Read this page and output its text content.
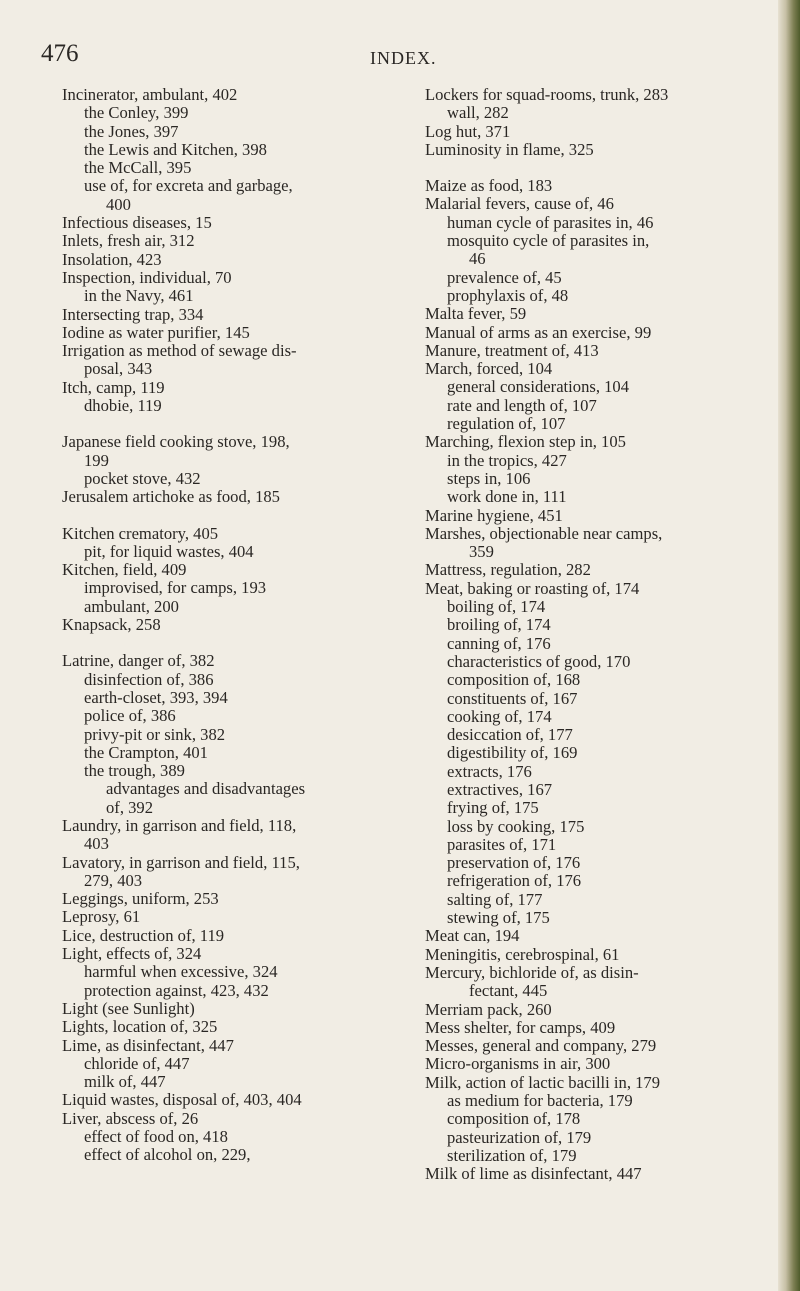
476	INDEX.
Incinerator, ambulant, 402
the Conley, 399
the Jones, 397
the Lewis and Kitchen, 398
the McCall, 395
use of, for excreta and garbage,
400
Infectious diseases, 15
Inlets, fresh air, 312
Insolation, 423
Inspection, individual, 70
in the Navy, 461
Intersecting trap, 334
Iodine as water purifier, 145
Irrigation as method of sewage dis-
posal, 343
Itch, camp, 119
dhobie, 119
Japanese field cooking stove, 198,
199
pocket stove, 432
Jerusalem artichoke as food, 185
Kitchen crematory, 405
pit, for liquid wastes, 404
Kitchen, field, 409
improvised, for camps, 193
ambulant, 200
Knapsack, 258
Latrine, danger of, 382
disinfection of, 386
earth-closet, 393, 394
police of, 386
privy-pit or sink, 382
the Crampton, 401
the trough, 389
advantages and disadvantages
of, 392
Laundry, in garrison and field, 118,
403
Lavatory, in garrison and field, 115,
279, 403
Leggings, uniform, 253
Leprosy, 61
Lice, destruction of, 119
Light, effects of, 324
harmful when excessive, 324
protection against, 423, 432
Light (see Sunlight)
Lights, location of, 325
Lime, as disinfectant, 447
chloride of, 447
milk of, 447
Liquid wastes, disposal of, 403, 404
Liver, abscess of, 26
effect of food on, 418
effect of alcohol on, 229,
Lockers for squad-rooms, trunk, 283
wall, 282
Log hut, 371
Luminosity in flame, 325
Maize as food, 183
Malarial fevers, cause of, 46
human cycle of parasites in, 46
mosquito cycle of parasites in,
46
prevalence of, 45
prophylaxis of, 48
Malta fever, 59
Manual of arms as an exercise, 99
Manure, treatment of, 413
March, forced, 104
general considerations, 104
rate and length of, 107
regulation of, 107
Marching, flexion step in, 105
in the tropics, 427
steps in, 106
work done in, 111
Marine hygiene, 451
Marshes, objectionable near camps,
359
Mattress, regulation, 282
Meat, baking or roasting of, 174
boiling of, 174
broiling of, 174
canning of, 176
characteristics of good, 170
composition of, 168
constituents of, 167
cooking of, 174
desiccation of, 177
digestibility of, 169
extracts, 176
extractives, 167
frying of, 175
loss by cooking, 175
parasites of, 171
preservation of, 176
refrigeration of, 176
salting of, 177
stewing of, 175
Meat can, 194
Meningitis, cerebrospinal, 61
Mercury, bichloride of, as disin-
fectant, 445
Merriam pack, 260
Mess shelter, for camps, 409
Messes, general and company, 279
Micro-organisms in air, 300
Milk, action of lactic bacilli in, 179
as medium for bacteria, 179
composition of, 178
pasteurization of, 179
sterilization of, 179
Milk of lime as disinfectant, 447
